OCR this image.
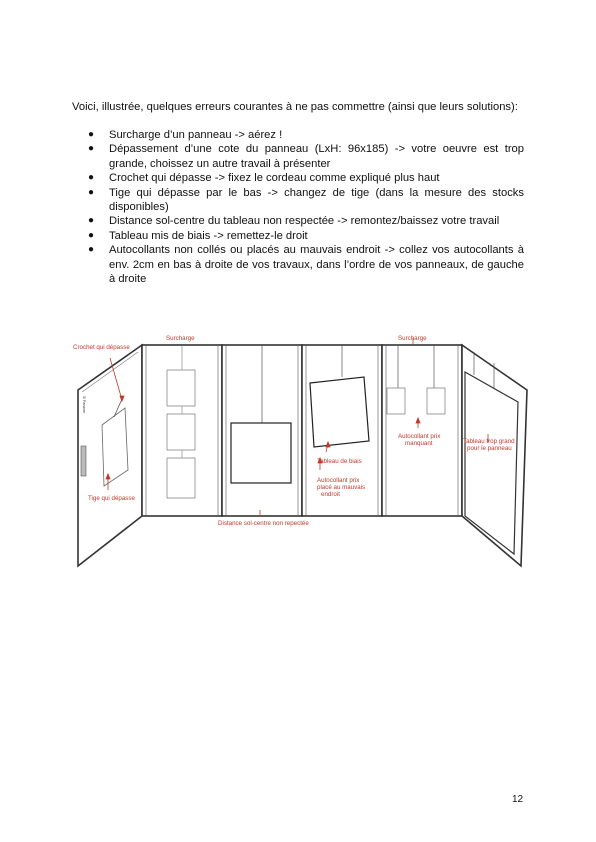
Voici, illustrée, quelques erreurs courantes à ne pas commettre (ainsi que leurs solutions):

● Surcharge d’un panneau -> aérez !
● Dépassement d’une cote du panneau (LxH: 96x185) -> votre oeuvre est trop grande, choissez un autre travail à présenter
● Crochet qui dépasse -> fixez le cordeau comme expliqué plus haut
● Tige qui dépasse par le bas -> changez de tige (dans la mesure des stocks disponibles)
● Distance sol-centre du tableau non respectée -> remontez/baissez votre travail
● Tableau mis de biais -> remettez-le droit
● Autocollants non collés ou placés au mauvais endroit -> collez vos autocollants à env. 2cm en bas à droite de vos travaux, dans l’ordre de vos panneaux, de gauche à droite
Si Paname
Crochet qui dépasse
Surcharge	Surcharge
Tige qui dépasse
Distance sol-centre non repectée
Tableau de biais
Autocollant prix
placé au mauvais
endroit
Autocollant prix
manquant	Tableau trop grand
pour le panneau

12
